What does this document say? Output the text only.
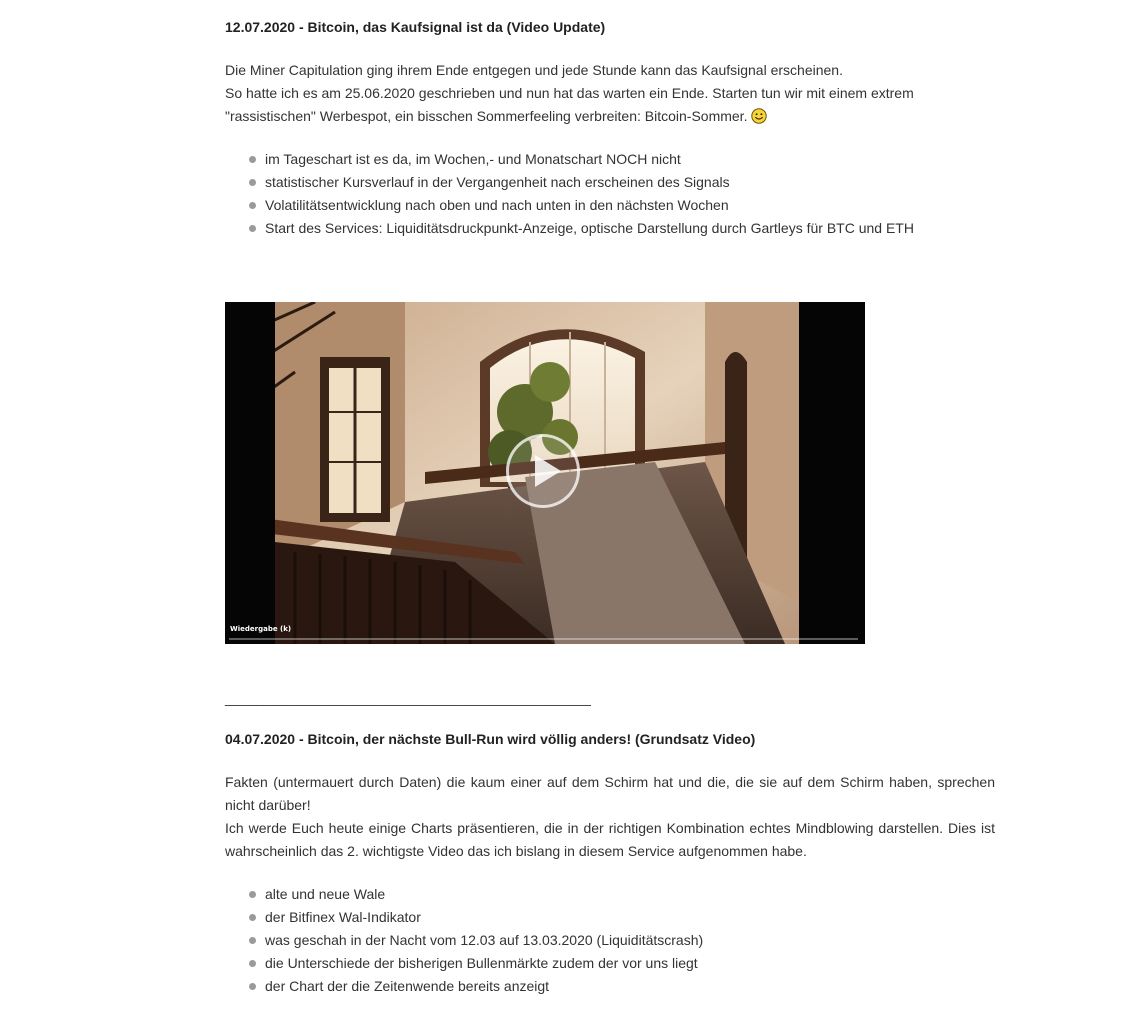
12.07.2020 - Bitcoin, das Kaufsignal ist da (Video Update)
Die Miner Capitulation ging ihrem Ende entgegen und jede Stunde kann das Kaufsignal erscheinen.
So hatte ich es am 25.06.2020 geschrieben und nun hat das warten ein Ende. Starten tun wir mit einem extrem
"rassistischen" Werbespot, ein bisschen Sommerfeeling verbreiten: Bitcoin-Sommer.
im Tageschart ist es da, im Wochen,- und Monatschart NOCH nicht
statistischer Kursverlauf in der Vergangenheit nach erscheinen des Signals
Volatilitätsentwicklung nach oben und nach unten in den nächsten Wochen
Start des Services: Liquiditätsdruckpunkt-Anzeige, optische Darstellung durch Gartleys für BTC und ETH
Wiedergabe (k)
_______________________________________________
04.07.2020 - Bitcoin, der nächste Bull-Run wird völlig anders! (Grundsatz Video)
Fakten (untermauert durch Daten) die kaum einer auf dem Schirm hat und die, die sie auf dem Schirm haben, sprechen
nicht darüber!
Ich werde Euch heute einige Charts präsentieren, die in der richtigen Kombination echtes Mindblowing darstellen. Dies ist
wahrscheinlich das 2. wichtigste Video das ich bislang in diesem Service aufgenommen habe.
alte und neue Wale
der Bitfinex Wal-Indikator
was geschah in der Nacht vom 12.03 auf 13.03.2020 (Liquiditätscrash)
die Unterschiede der bisherigen Bullenmärkte zudem der vor uns liegt
der Chart der die Zeitenwende bereits anzeigt
